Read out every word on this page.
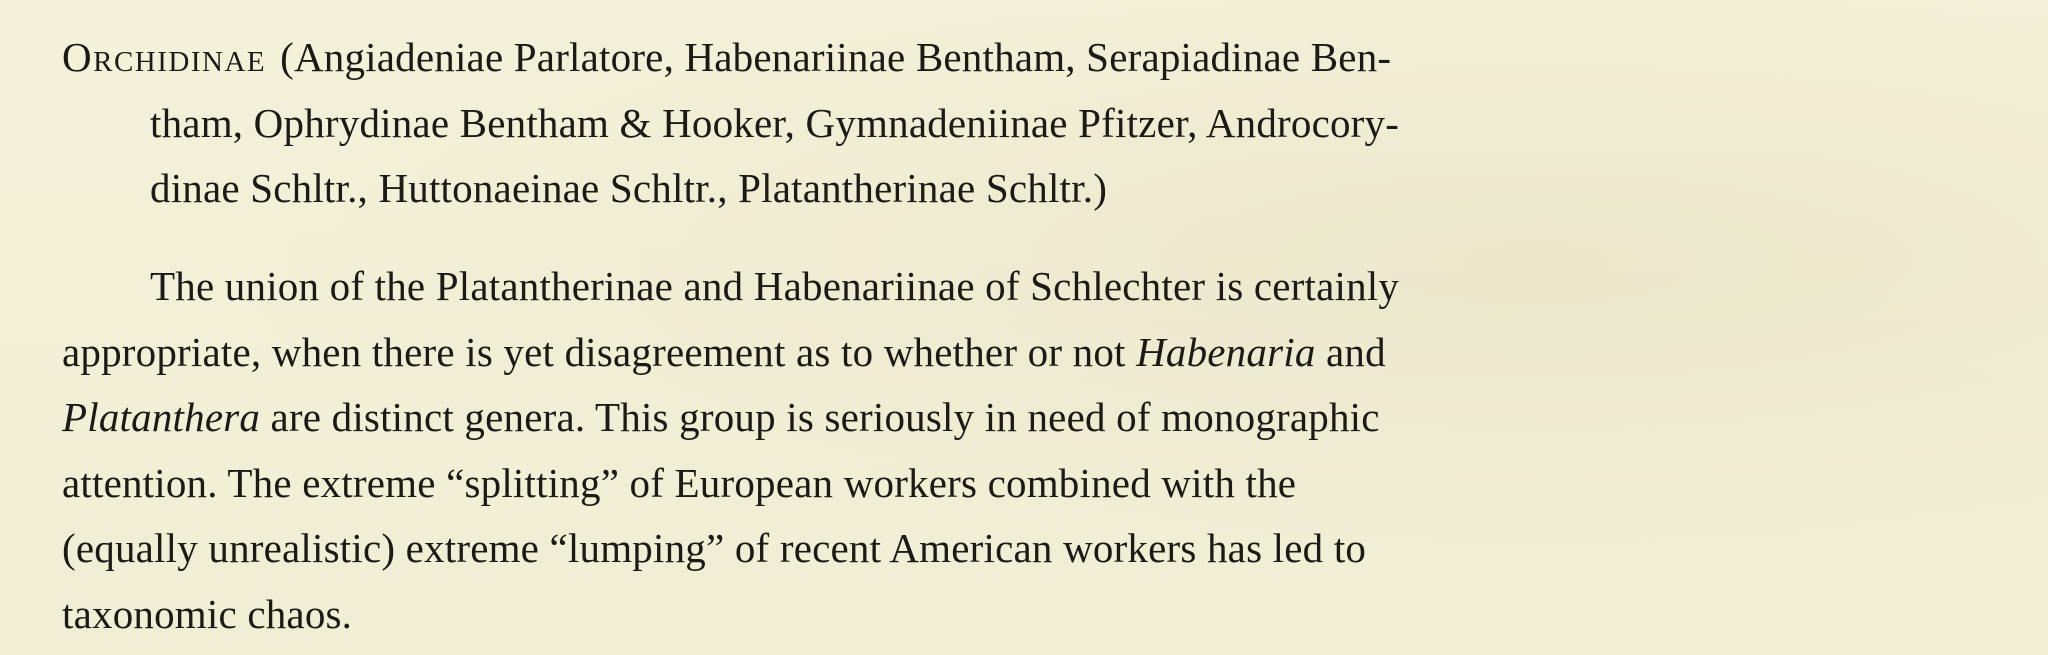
Orchidinae (Angiadeniae Parlatore, Habenariinae Bentham, Serapiadinae Ben-
tham, Ophrydinae Bentham & Hooker, Gymnadeniinae Pfitzer, Androcory-
dinae Schltr., Huttonaeinae Schltr., Platantherinae Schltr.)
The union of the Platantherinae and Habenariinae of Schlechter is certainly
appropriate, when there is yet disagreement as to whether or not Habenaria and
Platanthera are distinct genera. This group is seriously in need of monographic
attention. The extreme “splitting” of European workers combined with the
(equally unrealistic) extreme “lumping” of recent American workers has led to
taxonomic chaos.
